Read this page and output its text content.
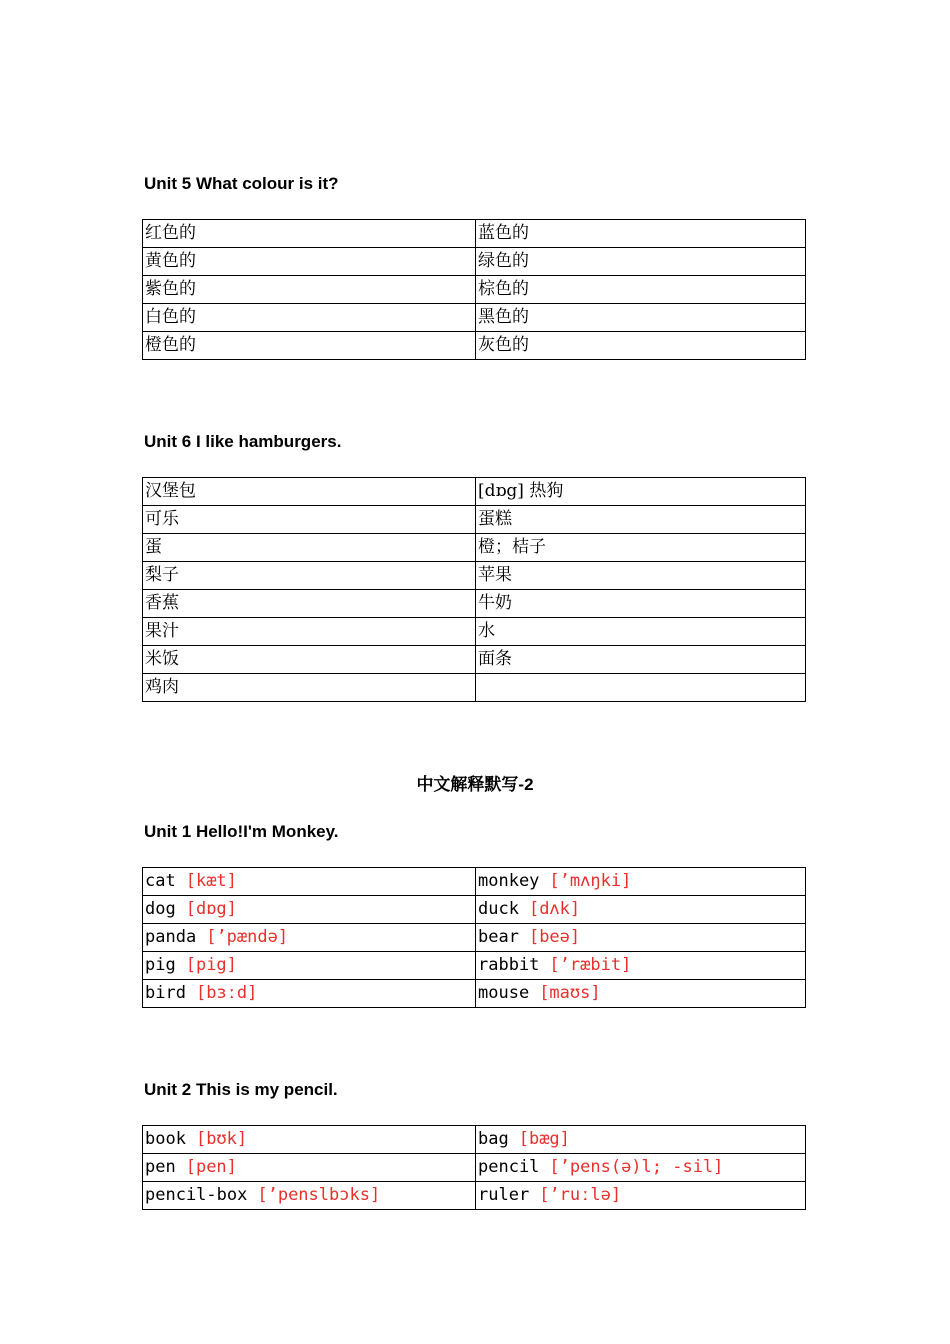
Unit 5 What colour is it?
红色的	蓝色的
黄色的	绿色的
紫色的	棕色的
白色的	黑色的
橙色的	灰色的
Unit 6 I like hamburgers.
汉堡包	[dɒg] 热狗
可乐	蛋糕
蛋	橙；桔子
梨子	苹果
香蕉	牛奶
果汁	水
米饭	面条
鸡肉	
中文解释默写-2
Unit 1 Hello!I'm Monkey.
cat [kæt]	monkey [’mʌŋki]
dog [dɒg]	duck [dʌk]
panda [’pændə]	bear [beə]
pig [pig]	rabbit [’ræbit]
bird [bɜːd]	mouse [maʊs]
Unit 2 This is my pencil.
book [bʊk]	bag [bæg]
pen [pen]	pencil [’pens(ə)l; -sil]
pencil-box [’penslbɔks]	ruler [’ruːlə]
